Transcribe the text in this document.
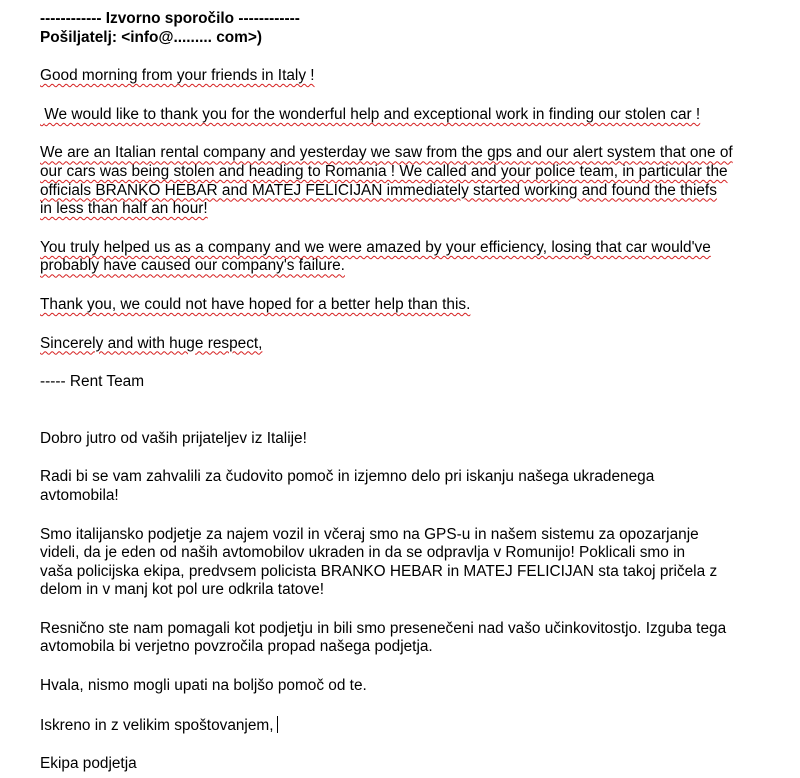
------------ Izvorno sporočilo ------------

Pošiljatelj: <info@......... com>)

Good morning from your friends in Italy !

We would like to thank you for the wonderful help and exceptional work in finding our stolen car !

We are an Italian rental company and yesterday we saw from the gps and our alert system that one of

our cars was being stolen and heading to Romania ! We called and your police team, in particular the

officials BRANKO HEBAR and MATEJ FELICIJAN immediately started working and found the thiefs

in less than half an hour!

You truly helped us as a company and we were amazed by your efficiency, losing that car would've

probably have caused our company's failure.

Thank you, we could not have hoped for a better help than this.

Sincerely and with huge respect,

----- Rent Team

Dobro jutro od vaših prijateljev iz Italije!

Radi bi se vam zahvalili za čudovito pomoč in izjemno delo pri iskanju našega ukradenega

avtomobila!

Smo italijansko podjetje za najem vozil in včeraj smo na GPS-u in našem sistemu za opozarjanje

videli, da je eden od naših avtomobilov ukraden in da se odpravlja v Romunijo! Poklicali smo in

vaša policijska ekipa, predvsem policista BRANKO HEBAR in MATEJ FELICIJAN sta takoj pričela z

delom in v manj kot pol ure odkrila tatove!

Resnično ste nam pomagali kot podjetju in bili smo presenečeni nad vašo učinkovitostjo. Izguba tega

avtomobila bi verjetno povzročila propad našega podjetja.

Hvala, nismo mogli upati na boljšo pomoč od te.

Iskreno in z velikim spoštovanjem,

Ekipa podjetja
